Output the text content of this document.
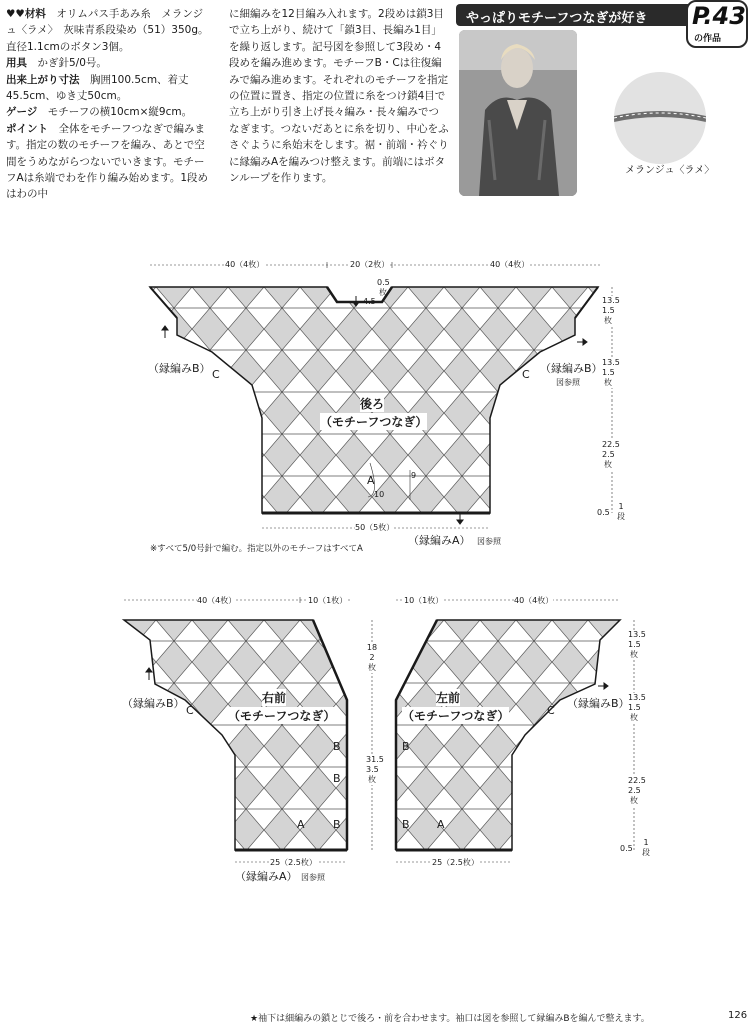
♥♥材料　 オリムパス手あみ糸　メランジュ〈ラメ〉　灰味青系段染め（51）350g。直径1.1cmのボタン3個。

用具　 かぎ針5/0号。

出来上がり寸法　 胸囲100.5cm、着丈45.5cm、ゆき丈50cm。

ゲージ　 モチーフの横10cm×縦9cm。

ポイント　 全体をモチーフつなぎで編みます。指定の数のモチーフを編み、あとで空間をうめながらつないでいきます。モチーフAは糸端でわを作り編み始めます。1段めはわの中

に細編みを12目編み入れます。2段めは鎖3目で立ち上がり、続けて「鎖3目、長編み1目」を繰り返します。記号図を参照して3段め・4段めを編み進めます。モチーフB・Cは往復編みで編み進めます。それぞれのモチーフを指定の位置に置き、指定の位置に糸をつけ鎖4目で立ち上がり引き上げ長々編み・長々編みでつなぎます。つないだあとに糸を切り、中心をふさぐように糸始末をします。裾・前端・衿ぐりに縁編みAを編みつけ整えます。前端にはボタンループを作ります。

やっぱりモチーフつなぎが好き P.43
の作品
メランジュ〈ラメ〉
40（4枚）	20（2枚）	40（4枚）
4.5
0.5
枚
10
9
50（5枚）
13.5
1.5
枚
13.5
1.5
枚
22.5
2.5
枚
0.5
1
段
（縁編みB）	（縁編みB）
図参照
C	C
後ろ
（モチーフつなぎ）
A
（縁編みA） 図参照
※すべて5/0号針で編む。指定以外のモチーフはすべてA
40（4枚）	10（1枚）
18
2
枚
31.5
3.5
枚
（縁編みB）
C
右前
（モチーフつなぎ）
B
B
A	B
25（2.5枚）
（縁編みA） 図参照
10（1枚）	40（4枚）
13.5
1.5
枚
13.5
1.5
枚
22.5
2.5
枚
0.5
1
段
（縁編みB）
C
左前
（モチーフつなぎ）
B
B A
25（2.5枚）
★袖下は細編みの鎖とじで後ろ・前を合わせます。袖口は図を参照して縁編みBを編んで整えます。	126
